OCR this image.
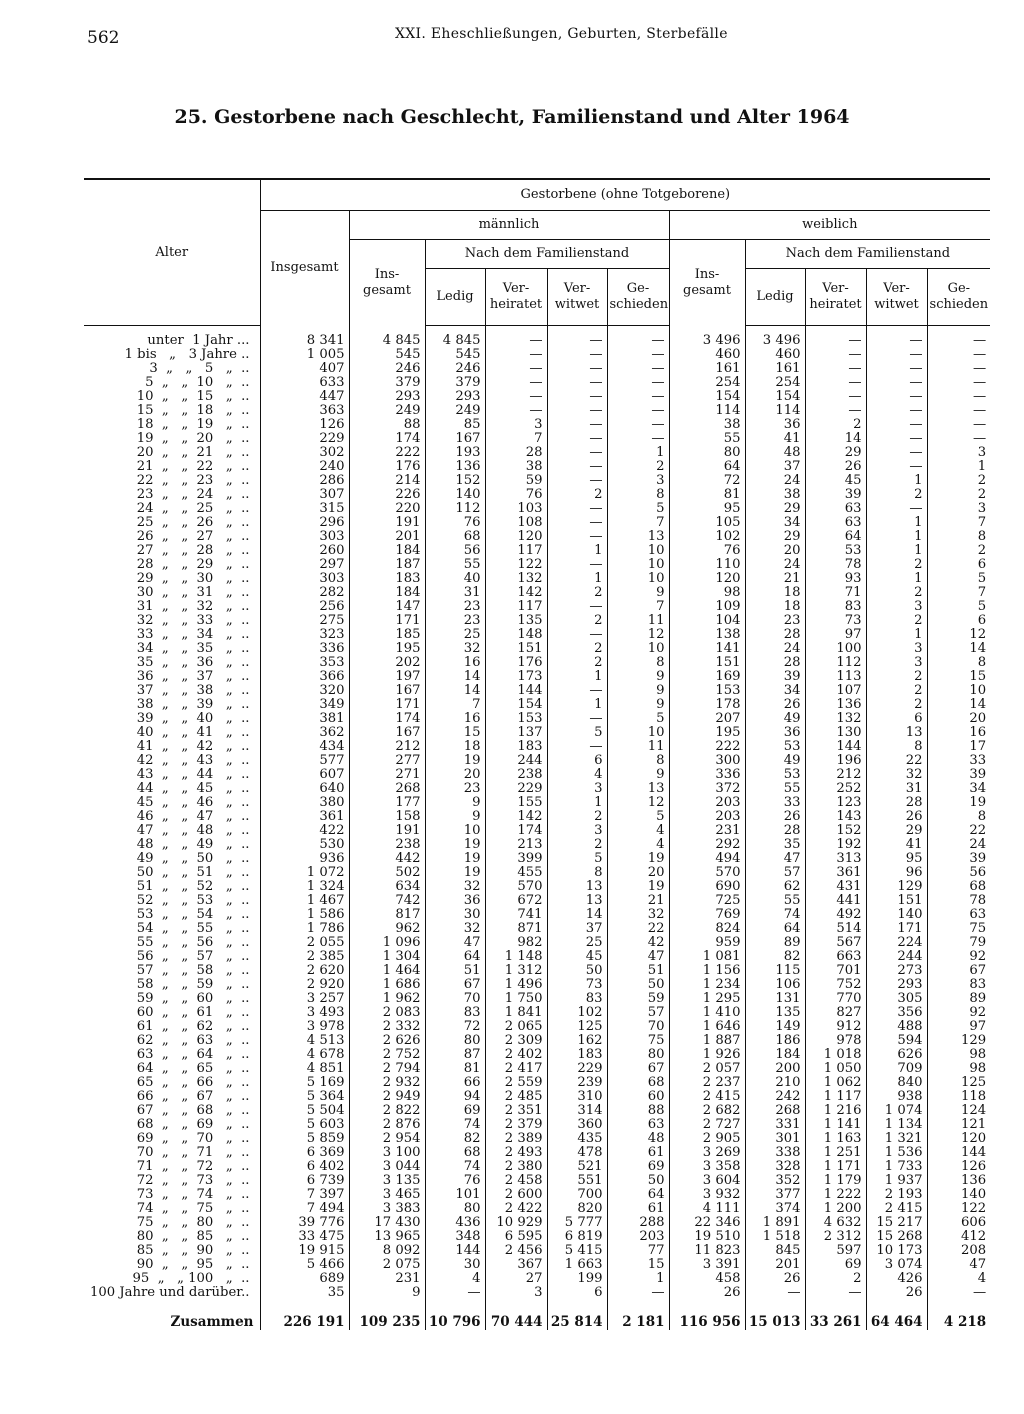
562	XXI. Eheschließungen, Geburten, Sterbefälle
25. Gestorbene nach Geschlecht, Familienstand und Alter 1964
Alter	Gestorbene (ohne Totgeborene)										
	Insgesamt	männlich					weiblich				
		Ins-gesamt	Nach dem Familienstand				Ins-gesamt	Nach dem Familienstand			
			Ledig	Ver-heiratet	Ver-witwet	Ge-schieden		Ledig	Ver-heiratet	Ver-witwet	Ge-schieden
unter  1 Jahr ...	8 341	4 845	4 845	—	—	—	3 496	3 496	—	—	—
1 bis   „   3 Jahre ..	1 005	545	545	—	—	—	460	460	—	—	—
3  „   „   5   „  ..	407	246	246	—	—	—	161	161	—	—	—
5  „   „  10   „  ..	633	379	379	—	—	—	254	254	—	—	—
10  „   „  15   „  ..	447	293	293	—	—	—	154	154	—	—	—
15  „   „  18   „  ..	363	249	249	—	—	—	114	114	—	—	—
18  „   „  19   „  ..	126	88	85	3	—	—	38	36	2	—	—
19  „   „  20   „  ..	229	174	167	7	—	—	55	41	14	—	—
20  „   „  21   „  ..	302	222	193	28	—	1	80	48	29	—	3
21  „   „  22   „  ..	240	176	136	38	—	2	64	37	26	—	1
22  „   „  23   „  ..	286	214	152	59	—	3	72	24	45	1	2
23  „   „  24   „  ..	307	226	140	76	2	8	81	38	39	2	2
24  „   „  25   „  ..	315	220	112	103	—	5	95	29	63	—	3
25  „   „  26   „  ..	296	191	76	108	—	7	105	34	63	1	7
26  „   „  27   „  ..	303	201	68	120	—	13	102	29	64	1	8
27  „   „  28   „  ..	260	184	56	117	1	10	76	20	53	1	2
28  „   „  29   „  ..	297	187	55	122	—	10	110	24	78	2	6
29  „   „  30   „  ..	303	183	40	132	1	10	120	21	93	1	5
30  „   „  31   „  ..	282	184	31	142	2	9	98	18	71	2	7
31  „   „  32   „  ..	256	147	23	117	—	7	109	18	83	3	5
32  „   „  33   „  ..	275	171	23	135	2	11	104	23	73	2	6
33  „   „  34   „  ..	323	185	25	148	—	12	138	28	97	1	12
34  „   „  35   „  ..	336	195	32	151	2	10	141	24	100	3	14
35  „   „  36   „  ..	353	202	16	176	2	8	151	28	112	3	8
36  „   „  37   „  ..	366	197	14	173	1	9	169	39	113	2	15
37  „   „  38   „  ..	320	167	14	144	—	9	153	34	107	2	10
38  „   „  39   „  ..	349	171	7	154	1	9	178	26	136	2	14
39  „   „  40   „  ..	381	174	16	153	—	5	207	49	132	6	20
40  „   „  41   „  ..	362	167	15	137	5	10	195	36	130	13	16
41  „   „  42   „  ..	434	212	18	183	—	11	222	53	144	8	17
42  „   „  43   „  ..	577	277	19	244	6	8	300	49	196	22	33
43  „   „  44   „  ..	607	271	20	238	4	9	336	53	212	32	39
44  „   „  45   „  ..	640	268	23	229	3	13	372	55	252	31	34
45  „   „  46   „  ..	380	177	9	155	1	12	203	33	123	28	19
46  „   „  47   „  ..	361	158	9	142	2	5	203	26	143	26	8
47  „   „  48   „  ..	422	191	10	174	3	4	231	28	152	29	22
48  „   „  49   „  ..	530	238	19	213	2	4	292	35	192	41	24
49  „   „  50   „  ..	936	442	19	399	5	19	494	47	313	95	39
50  „   „  51   „  ..	1 072	502	19	455	8	20	570	57	361	96	56
51  „   „  52   „  ..	1 324	634	32	570	13	19	690	62	431	129	68
52  „   „  53   „  ..	1 467	742	36	672	13	21	725	55	441	151	78
53  „   „  54   „  ..	1 586	817	30	741	14	32	769	74	492	140	63
54  „   „  55   „  ..	1 786	962	32	871	37	22	824	64	514	171	75
55  „   „  56   „  ..	2 055	1 096	47	982	25	42	959	89	567	224	79
56  „   „  57   „  ..	2 385	1 304	64	1 148	45	47	1 081	82	663	244	92
57  „   „  58   „  ..	2 620	1 464	51	1 312	50	51	1 156	115	701	273	67
58  „   „  59   „  ..	2 920	1 686	67	1 496	73	50	1 234	106	752	293	83
59  „   „  60   „  ..	3 257	1 962	70	1 750	83	59	1 295	131	770	305	89
60  „   „  61   „  ..	3 493	2 083	83	1 841	102	57	1 410	135	827	356	92
61  „   „  62   „  ..	3 978	2 332	72	2 065	125	70	1 646	149	912	488	97
62  „   „  63   „  ..	4 513	2 626	80	2 309	162	75	1 887	186	978	594	129
63  „   „  64   „  ..	4 678	2 752	87	2 402	183	80	1 926	184	1 018	626	98
64  „   „  65   „  ..	4 851	2 794	81	2 417	229	67	2 057	200	1 050	709	98
65  „   „  66   „  ..	5 169	2 932	66	2 559	239	68	2 237	210	1 062	840	125
66  „   „  67   „  ..	5 364	2 949	94	2 485	310	60	2 415	242	1 117	938	118
67  „   „  68   „  ..	5 504	2 822	69	2 351	314	88	2 682	268	1 216	1 074	124
68  „   „  69   „  ..	5 603	2 876	74	2 379	360	63	2 727	331	1 141	1 134	121
69  „   „  70   „  ..	5 859	2 954	82	2 389	435	48	2 905	301	1 163	1 321	120
70  „   „  71   „  ..	6 369	3 100	68	2 493	478	61	3 269	338	1 251	1 536	144
71  „   „  72   „  ..	6 402	3 044	74	2 380	521	69	3 358	328	1 171	1 733	126
72  „   „  73   „  ..	6 739	3 135	76	2 458	551	50	3 604	352	1 179	1 937	136
73  „   „  74   „  ..	7 397	3 465	101	2 600	700	64	3 932	377	1 222	2 193	140
74  „   „  75   „  ..	7 494	3 383	80	2 422	820	61	4 111	374	1 200	2 415	122
75  „   „  80   „  ..	39 776	17 430	436	10 929	5 777	288	22 346	1 891	4 632	15 217	606
80  „   „  85   „  ..	33 475	13 965	348	6 595	6 819	203	19 510	1 518	2 312	15 268	412
85  „   „  90   „  ..	19 915	8 092	144	2 456	5 415	77	11 823	845	597	10 173	208
90  „   „  95   „  ..	5 466	2 075	30	367	1 663	15	3 391	201	69	3 074	47
95  „   „ 100   „  ..	689	231	4	27	199	1	458	26	2	426	4
100 Jahre und darüber..	35	9	—	3	6	—	26	—	—	26	—
Zusammen	226 191	109 235	10 796	70 444	25 814	2 181	116 956	15 013	33 261	64 464	4 218
